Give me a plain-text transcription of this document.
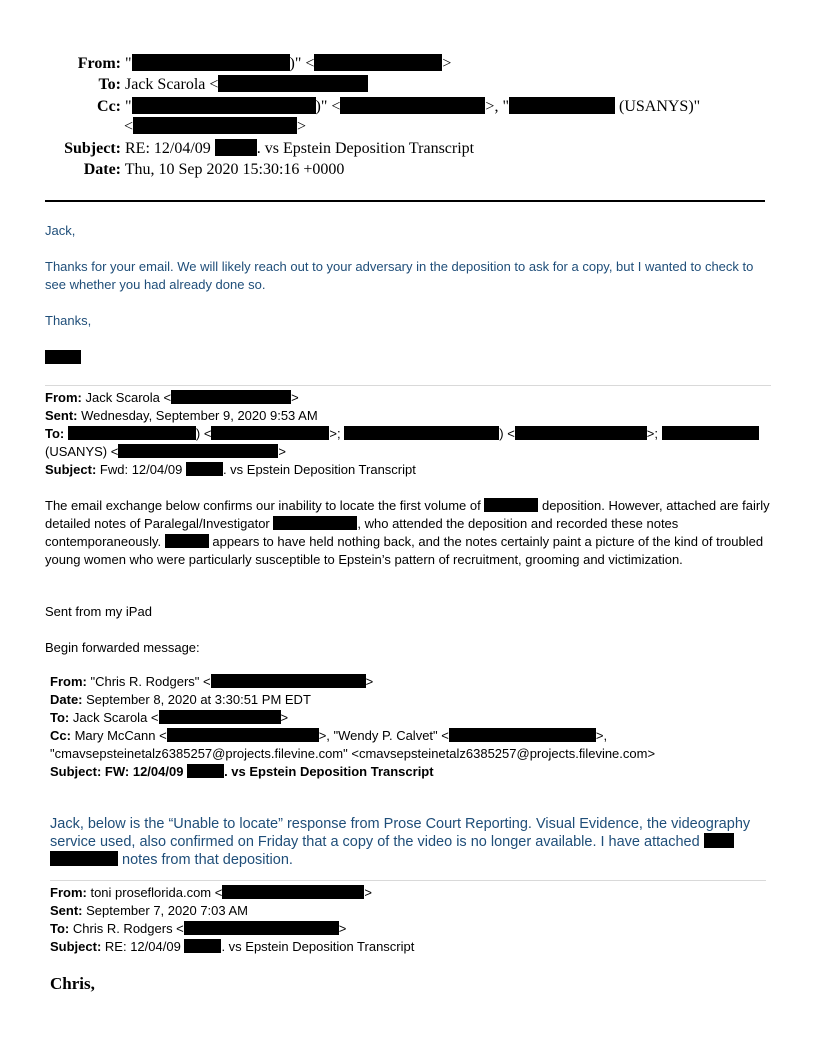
From: "	)" <	>
To: Jack Scarola <
Cc: "	)" <	>, "	(USANYS)"
<	>
Subject: RE: 12/04/09	. vs Epstein Deposition Transcript
Date: Thu, 10 Sep 2020 15:30:16 +0000
Jack,
Thanks for your email. We will likely reach out to your adversary in the deposition to ask for a copy, but I wanted to check to see whether you had already done so.
Thanks,
From: Jack Scarola <	>
Sent: Wednesday, September 9, 2020 9:53 AM
To:	) <	>;	) <	>;
(USANYS) <	>
Subject: Fwd: 12/04/09	. vs Epstein Deposition Transcript
The email exchange below confirms our inability to locate the first volume of	deposition. However, attached are fairly detailed notes of Paralegal/Investigator	, who attended the deposition and recorded these notes contemporaneously.	appears to have held nothing back, and the notes certainly paint a picture of the kind of troubled young women who were particularly susceptible to Epstein’s pattern of recruitment, grooming and victimization.
Sent from my iPad
Begin forwarded message:
From: "Chris R. Rodgers" <	>
Date: September 8, 2020 at 3:30:51 PM EDT
To: Jack Scarola <	>
Cc: Mary McCann <	>, "Wendy P. Calvet" <	>,
"cmavsepsteinetalz6385257@projects.filevine.com" <cmavsepsteinetalz6385257@projects.filevine.com>
Subject: FW: 12/04/09	. vs Epstein Deposition Transcript
Jack, below is the “Unable to locate” response from Prose Court Reporting. Visual Evidence, the videography service used, also confirmed on Friday that a copy of the video is no longer available. I have attached   notes from that deposition.
From: toni proseflorida.com <	>
Sent: September 7, 2020 7:03 AM
To: Chris R. Rodgers <	>
Subject: RE: 12/04/09	. vs Epstein Deposition Transcript
Chris,
